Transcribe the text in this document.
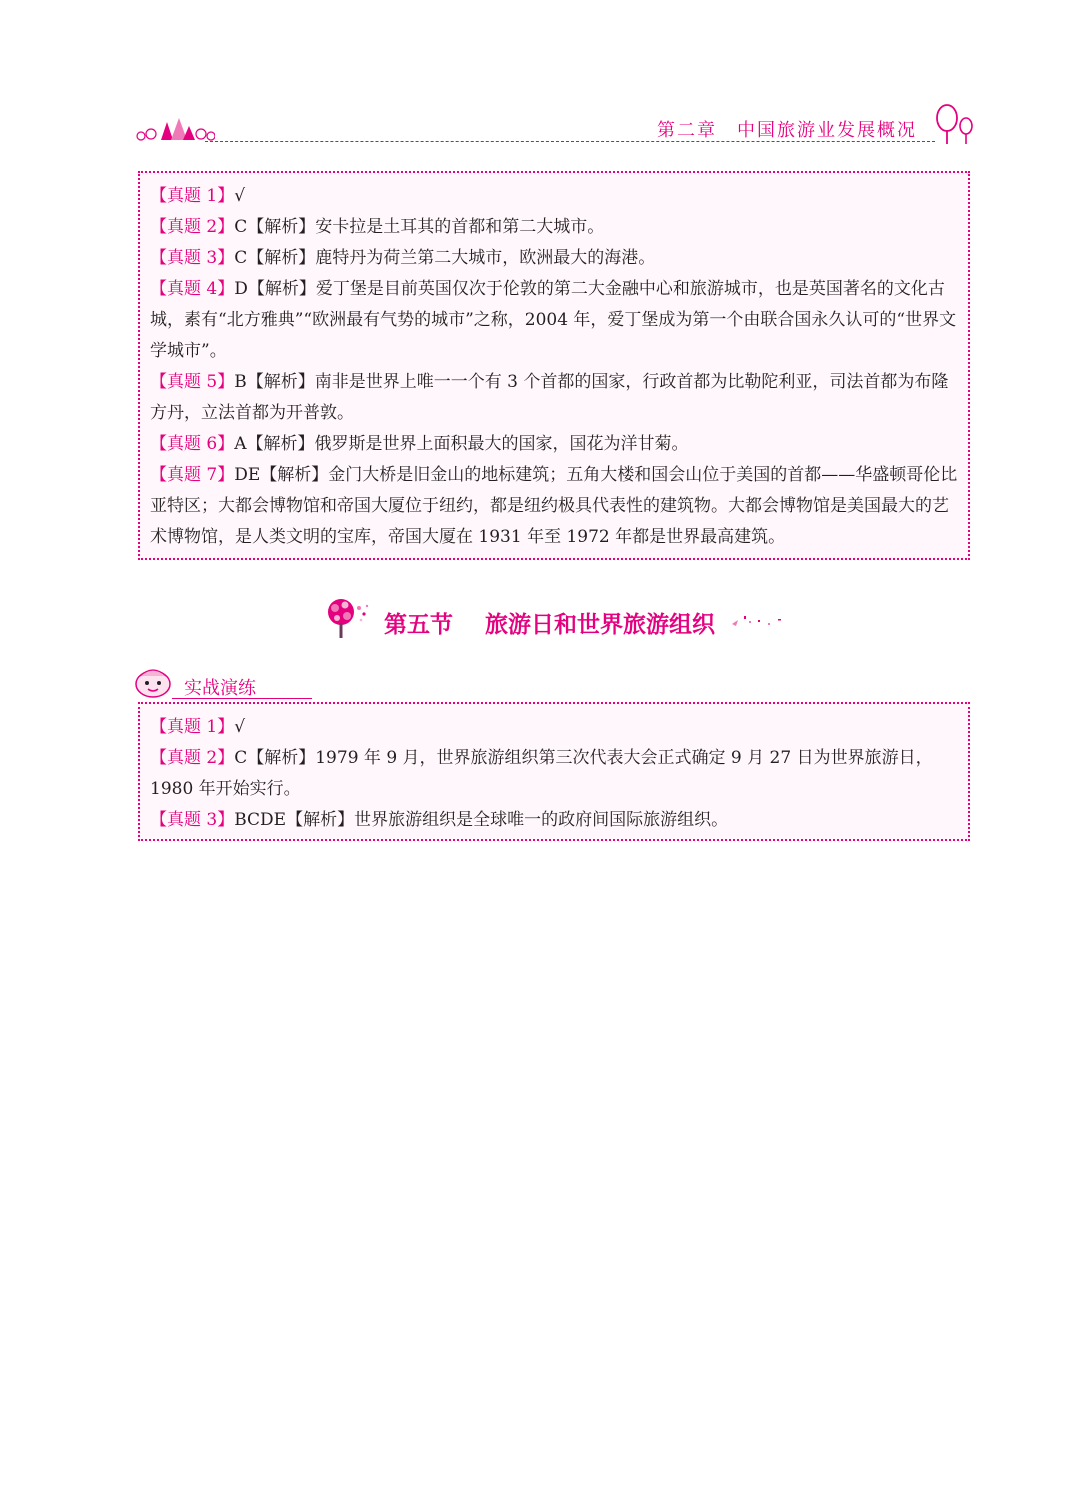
第二章 中国旅游业发展概况

【真题 1】√

【真题 2】C【解析】安卡拉是土耳其的首都和第二大城市。

【真题 3】C【解析】鹿特丹为荷兰第二大城市，欧洲最大的海港。

【真题 4】D【解析】爱丁堡是目前英国仅次于伦敦的第二大金融中心和旅游城市，也是英国著名的文化古城，素有“北方雅典”“欧洲最有气势的城市”之称，2004 年，爱丁堡成为第一个由联合国永久认可的“世界文学城市”。

【真题 5】B【解析】南非是世界上唯一一个有 3 个首都的国家，行政首都为比勒陀利亚，司法首都为布隆方丹，立法首都为开普敦。

【真题 6】A【解析】俄罗斯是世界上面积最大的国家，国花为洋甘菊。

【真题 7】DE【解析】金门大桥是旧金山的地标建筑；五角大楼和国会山位于美国的首都——华盛顿哥伦比亚特区；大都会博物馆和帝国大厦位于纽约，都是纽约极具代表性的建筑物。大都会博物馆是美国最大的艺术博物馆，是人类文明的宝库，帝国大厦在 1931 年至 1972 年都是世界最高建筑。

第五节    旅游日和世界旅游组织
实战演练

【真题 1】√

【真题 2】C【解析】1979 年 9 月，世界旅游组织第三次代表大会正式确定 9 月 27 日为世界旅游日，1980 年开始实行。

【真题 3】BCDE【解析】世界旅游组织是全球唯一的政府间国际旅游组织。
